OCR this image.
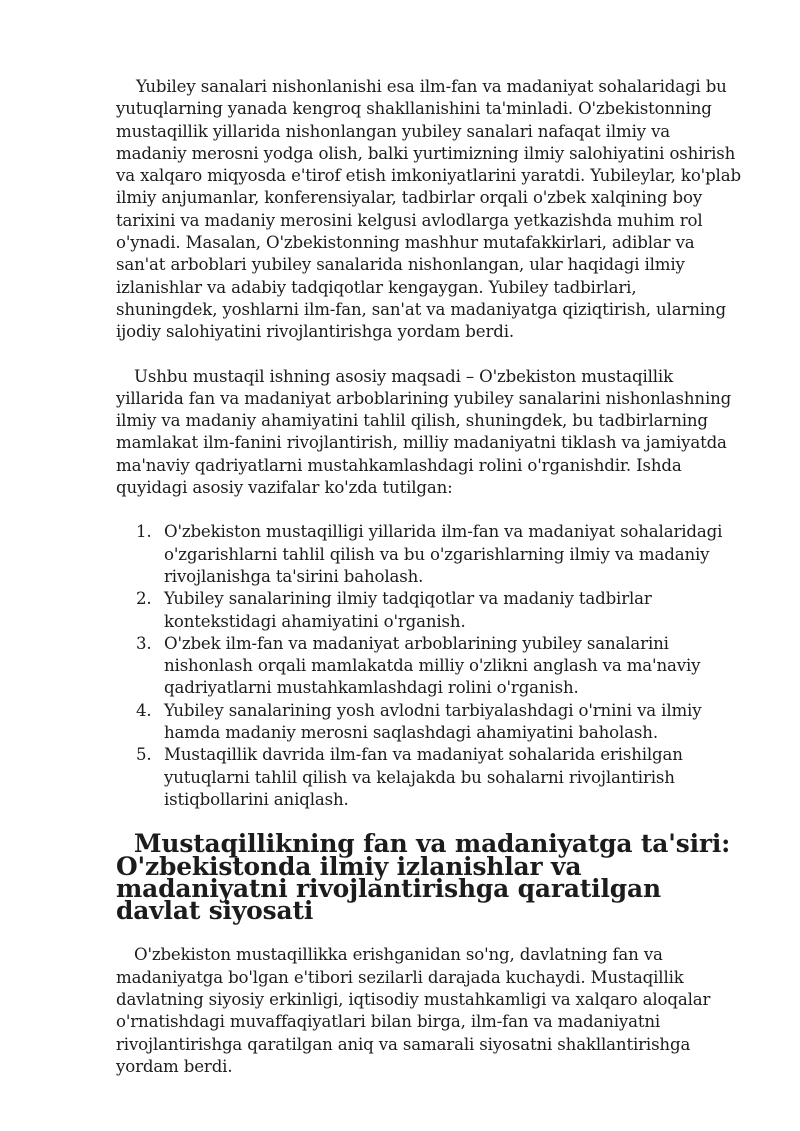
Yubiley sanalari nishonlanishi esa ilm-fan va madaniyat sohalaridagi bu yutuqlarning yanada kengroq shakllanishini ta'minladi. O'zbekistonning mustaqillik yillarida nishonlangan yubiley sanalari nafaqat ilmiy va madaniy merosni yodga olish, balki yurtimizning ilmiy salohiyatini oshirish va xalqaro miqyosda e'tirof etish imkoniyatlarini yaratdi. Yubileylar, ko'plab ilmiy anjumanlar, konferensiyalar, tadbirlar orqali o'zbek xalqining boy tarixini va madaniy merosini kelgusi avlodlarga yetkazishda muhim rol o'ynadi. Masalan, O'zbekistonning mashhur mutafakkirlari, adiblar va san'at arboblari yubiley sanalarida nishonlangan, ular haqidagi ilmiy izlanishlar va adabiy tadqiqotlar kengaygan. Yubiley tadbirlari, shuningdek, yoshlarni ilm-fan, san'at va madaniyatga qiziqtirish, ularning ijodiy salohiyatini rivojlantirishga yordam berdi.

Ushbu mustaqil ishning asosiy maqsadi – O'zbekiston mustaqillik yillarida fan va madaniyat arboblarining yubiley sanalarini nishonlashning ilmiy va madaniy ahamiyatini tahlil qilish, shuningdek, bu tadbirlarning mamlakat ilm-fanini rivojlantirish, milliy madaniyatni tiklash va jamiyatda ma'naviy qadriyatlarni mustahkamlashdagi rolini o'rganishdir. Ishda quyidagi asosiy vazifalar ko'zda tutilgan:

1. O'zbekiston mustaqilligi yillarida ilm-fan va madaniyat sohalaridagi o'zgarishlarni tahlil qilish va bu o'zgarishlarning ilmiy va madaniy rivojlanishga ta'sirini baholash.
2. Yubiley sanalarining ilmiy tadqiqotlar va madaniy tadbirlar kontekstidagi ahamiyatini o'rganish.
3. O'zbek ilm-fan va madaniyat arboblarining yubiley sanalarini nishonlash orqali mamlakatda milliy o'zlikni anglash va ma'naviy qadriyatlarni mustahkamlashdagi rolini o'rganish.
4. Yubiley sanalarining yosh avlodni tarbiyalashdagi o'rnini va ilmiy hamda madaniy merosni saqlashdagi ahamiyatini baholash.
5. Mustaqillik davrida ilm-fan va madaniyat sohalarida erishilgan yutuqlarni tahlil qilish va kelajakda bu sohalarni rivojlantirish istiqbollarini aniqlash.
Mustaqillikning fan va madaniyatga ta'siri: O'zbekistonda ilmiy izlanishlar va madaniyatni rivojlantirishga qaratilgan davlat siyosati

O'zbekiston mustaqillikka erishganidan so'ng, davlatning fan va madaniyatga bo'lgan e'tibori sezilarli darajada kuchaydi. Mustaqillik davlatning siyosiy erkinligi, iqtisodiy mustahkamligi va xalqaro aloqalar o'rnatishdagi muvaffaqiyatlari bilan birga, ilm-fan va madaniyatni rivojlantirishga qaratilgan aniq va samarali siyosatni shakllantirishga yordam berdi.
